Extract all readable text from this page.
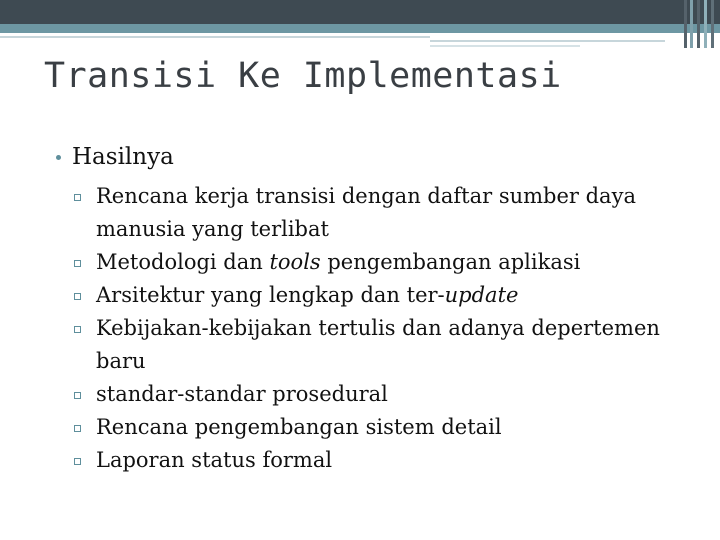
Transisi Ke Implementasi
Hasilnya
Rencana kerja transisi dengan daftar sumber daya manusia yang terlibat
Metodologi dan tools pengembangan aplikasi
Arsitektur yang lengkap dan ter-update
Kebijakan-kebijakan tertulis dan adanya depertemen baru
standar-standar prosedural
Rencana pengembangan sistem detail
Laporan status formal
